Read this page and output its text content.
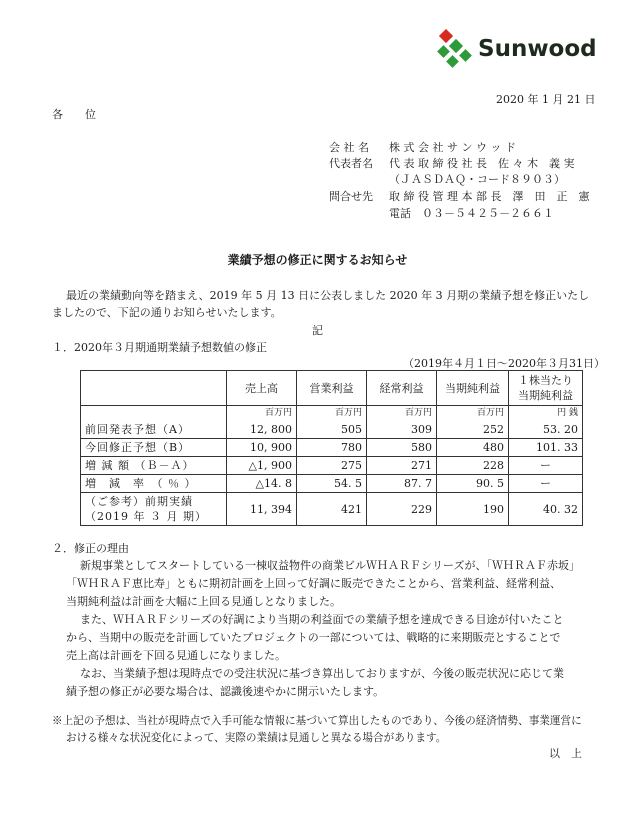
Sunwood
2020 年 1 月 21 日
各　　位
会 社 名 株 式 会 社 サ ン ウ ッ ド
代表者名 代 表 取 締 役 社 長　佐 々 木　義 実
（ＪＡＳＤＡＱ・コード８９０３）
問合せ先 取 締 役 管 理 本 部 長　澤　田　正　憲
電話　０３－５４２５－２６６１
業績予想の修正に関するお知らせ
最近の業績動向等を踏まえ、2019 年 5 月 13 日に公表しました 2020 年 3 月期の業績予想を修正いたし
ましたので、下記の通りお知らせいたします。
記
１．2020年３月期通期業績予想数値の修正
（2019年４月１日～2020年３月31日）
	売上高	営業利益	経常利益	当期純利益	１株当たり
当期純利益

	百万円	百万円	百万円	百万円	円 銭
前回発表予想（A）	12, 800	505	309	252	53. 20
今回修正予想（B）	10, 900	780	580	480	101. 33
増 減 額 （Ｂ－Ａ）	△1, 900	275	271	228	ー
増　減　率　（ ％ ）	△14. 8	54. 5	87. 7	90. 5	ー

（ご参考）前期実績
（2019 年 ３ 月 期）	11, 394	421	229	190	40. 32
２．修正の理由
新規事業としてスタートしている一棟収益物件の商業ビルＷＨＡＲＦシリーズが、「ＷＨＲＡＦ赤坂」
「ＷＨＲＡＦ恵比寿」ともに期初計画を上回って好調に販売できたことから、営業利益、経常利益、
当期純利益は計画を大幅に上回る見通しとなりました。
また、ＷＨＡＲＦシリーズの好調により当期の利益面での業績予想を達成できる目途が付いたこと
から、当期中の販売を計画していたプロジェクトの一部については、戦略的に来期販売とすることで
売上高は計画を下回る見通しになりました。
なお、当業績予想は現時点での受注状況に基づき算出しておりますが、今後の販売状況に応じて業
績予想の修正が必要な場合は、認識後速やかに開示いたします。
※上記の予想は、当社が現時点で入手可能な情報に基づいて算出したものであり、今後の経済情勢、事業運営に
おける様々な状況変化によって、実際の業績は見通しと異なる場合があります。
以　上
